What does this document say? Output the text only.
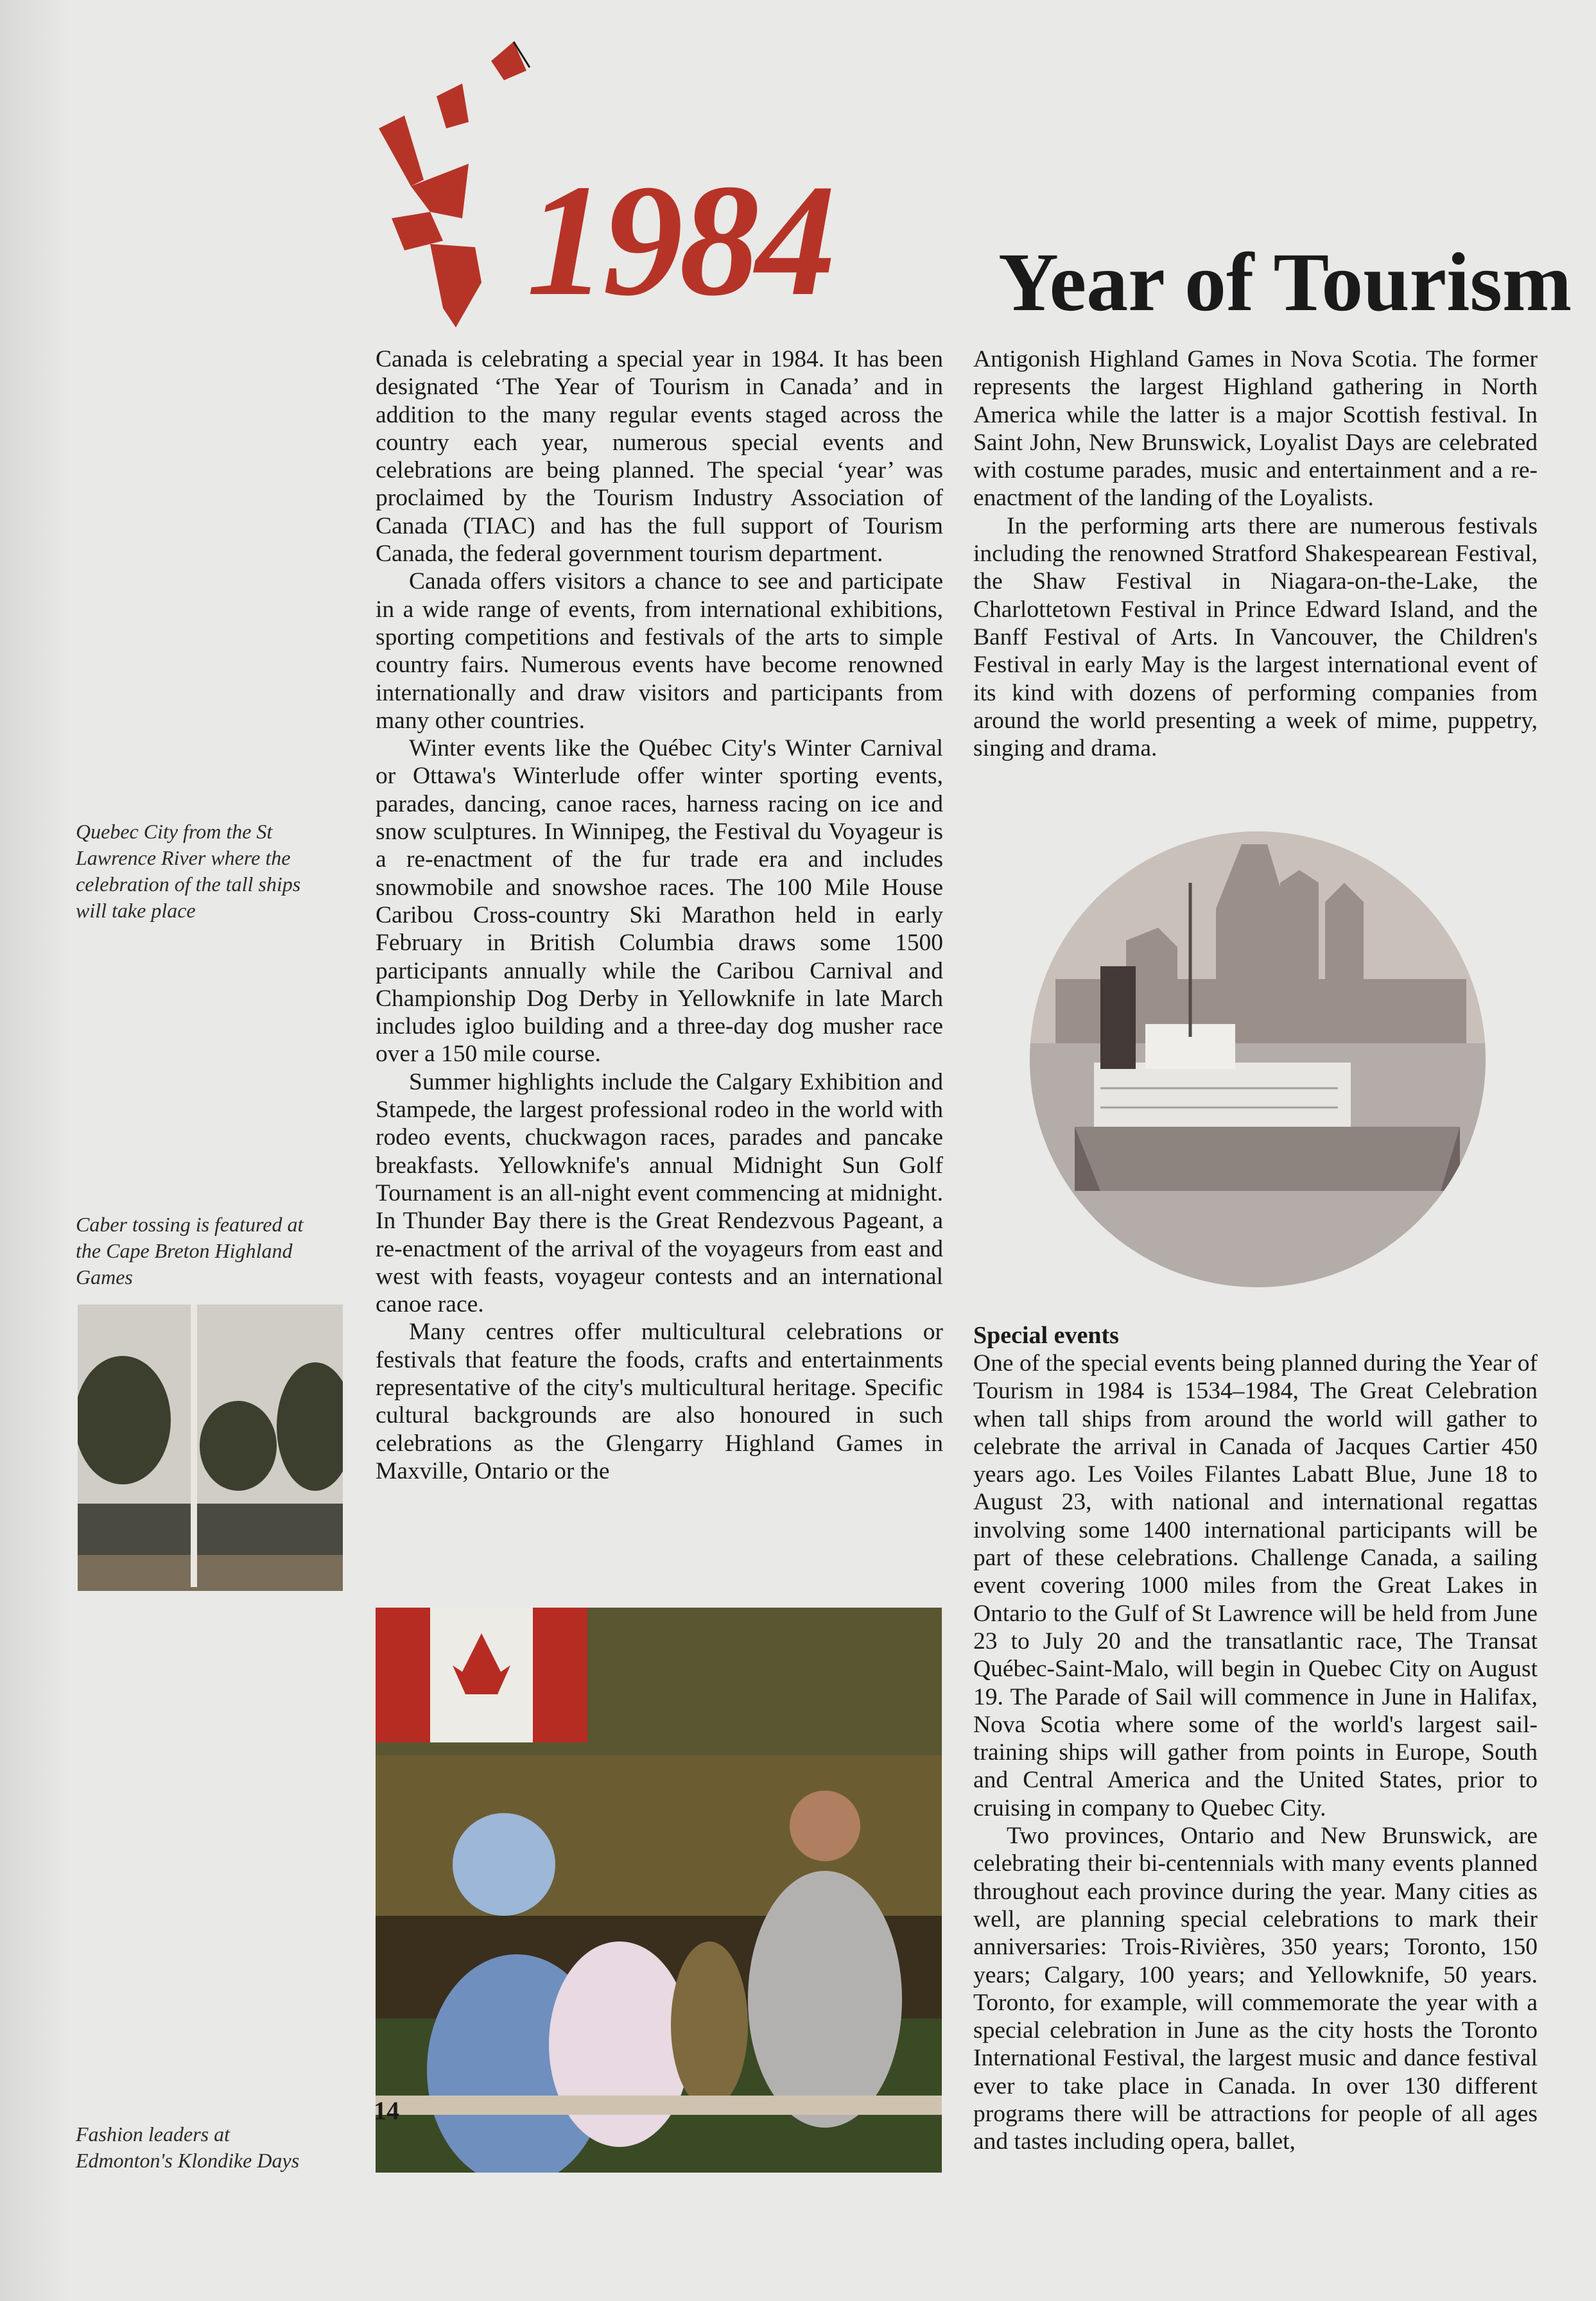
1984 Year of Tourism

Canada is celebrating a special year in 1984. It has been designated ‘The Year of Tourism in Canada’ and in addition to the many regular events staged across the country each year, numerous special events and celebrations are being planned. The special ‘year’ was proclaimed by the Tourism Industry Association of Canada (TIAC) and has the full support of Tourism Canada, the federal government tourism department.

Canada offers visitors a chance to see and participate in a wide range of events, from international exhibitions, sporting competitions and festivals of the arts to simple country fairs. Numerous events have become renowned internationally and draw visitors and participants from many other countries.

Winter events like the Québec City's Winter Carnival or Ottawa's Winterlude offer winter sporting events, parades, dancing, canoe races, harness racing on ice and snow sculptures. In Winnipeg, the Festival du Voyageur is a re-enactment of the fur trade era and includes snowmobile and snowshoe races. The 100 Mile House Caribou Cross-country Ski Marathon held in early February in British Columbia draws some 1500 participants annually while the Caribou Carnival and Championship Dog Derby in Yellowknife in late March includes igloo building and a three-day dog musher race over a 150 mile course.

Summer highlights include the Calgary Exhibition and Stampede, the largest professional rodeo in the world with rodeo events, chuckwagon races, parades and pancake breakfasts. Yellowknife's annual Midnight Sun Golf Tournament is an all-night event commencing at midnight. In Thunder Bay there is the Great Rendezvous Pageant, a re-enactment of the arrival of the voyageurs from east and west with feasts, voyageur contests and an international canoe race.

Many centres offer multicultural celebrations or festivals that feature the foods, crafts and entertainments representative of the city's multicultural heritage. Specific cultural backgrounds are also honoured in such celebrations as the Glengarry Highland Games in Maxville, Ontario or the

Antigonish Highland Games in Nova Scotia. The former represents the largest Highland gathering in North America while the latter is a major Scottish festival. In Saint John, New Brunswick, Loyalist Days are celebrated with costume parades, music and entertainment and a re-enactment of the landing of the Loyalists.

In the performing arts there are numerous festivals including the renowned Stratford Shakespearean Festival, the Shaw Festival in Niagara-on-the-Lake, the Charlottetown Festival in Prince Edward Island, and the Banff Festival of Arts. In Vancouver, the Children's Festival in early May is the largest international event of its kind with dozens of performing companies from around the world presenting a week of mime, puppetry, singing and drama.

Special events

One of the special events being planned during the Year of Tourism in 1984 is 1534–1984, The Great Celebration when tall ships from around the world will gather to celebrate the arrival in Canada of Jacques Cartier 450 years ago. Les Voiles Filantes Labatt Blue, June 18 to August 23, with national and international regattas involving some 1400 international participants will be part of these celebrations. Challenge Canada, a sailing event covering 1000 miles from the Great Lakes in Ontario to the Gulf of St Lawrence will be held from June 23 to July 20 and the transatlantic race, The Transat Québec-Saint-Malo, will begin in Quebec City on August 19. The Parade of Sail will commence in June in Halifax, Nova Scotia where some of the world's largest sail-training ships will gather from points in Europe, South and Central America and the United States, prior to cruising in company to Quebec City.

Two provinces, Ontario and New Brunswick, are celebrating their bi-centennials with many events planned throughout each province during the year. Many cities as well, are planning special celebrations to mark their anniversaries: Trois-Rivières, 350 years; Toronto, 150 years; Calgary, 100 years; and Yellowknife, 50 years. Toronto, for example, will commemorate the year with a special celebration in June as the city hosts the Toronto International Festival, the largest music and dance festival ever to take place in Canada. In over 130 different programs there will be attractions for people of all ages and tastes including opera, ballet,

Quebec City from the St Lawrence River where the celebration of the tall ships will take place
Caber tossing is featured at the Cape Breton Highland Games
Fashion leaders at Edmonton's Klondike Days
14
